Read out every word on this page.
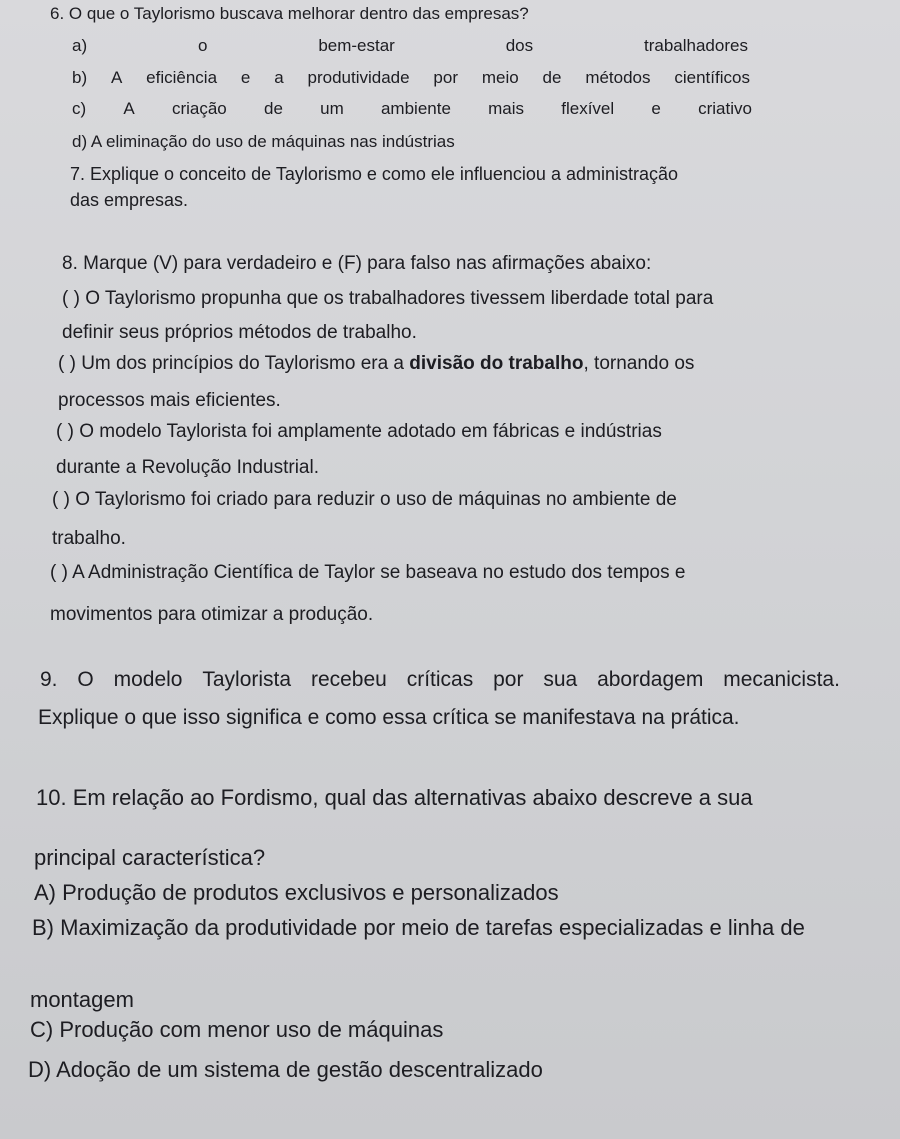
6. O que o Taylorismo buscava melhorar dentro das empresas?
a)	o	bem-estar	dos	trabalhadores
b) A eficiência e a produtividade por meio de métodos científicos
c) A criação de um ambiente mais flexível e criativo
d) A eliminação do uso de máquinas nas indústrias
7. Explique o conceito de Taylorismo e como ele influenciou a administração
das empresas.
8. Marque (V) para verdadeiro e (F) para falso nas afirmações abaixo:
( ) O Taylorismo propunha que os trabalhadores tivessem liberdade total para
definir seus próprios métodos de trabalho.
( ) Um dos princípios do Taylorismo era a divisão do trabalho, tornando os
processos mais eficientes.
( ) O modelo Taylorista foi amplamente adotado em fábricas e indústrias
durante a Revolução Industrial.
( ) O Taylorismo foi criado para reduzir o uso de máquinas no ambiente de
trabalho.
( ) A Administração Científica de Taylor se baseava no estudo dos tempos e
movimentos para otimizar a produção.
9. O modelo Taylorista recebeu críticas por sua abordagem mecanicista.
Explique o que isso significa e como essa crítica se manifestava na prática.
10. Em relação ao Fordismo, qual das alternativas abaixo descreve a sua
principal característica?
A) Produção de produtos exclusivos e personalizados
B) Maximização da produtividade por meio de tarefas especializadas e linha de
montagem
C) Produção com menor uso de máquinas
D) Adoção de um sistema de gestão descentralizado
